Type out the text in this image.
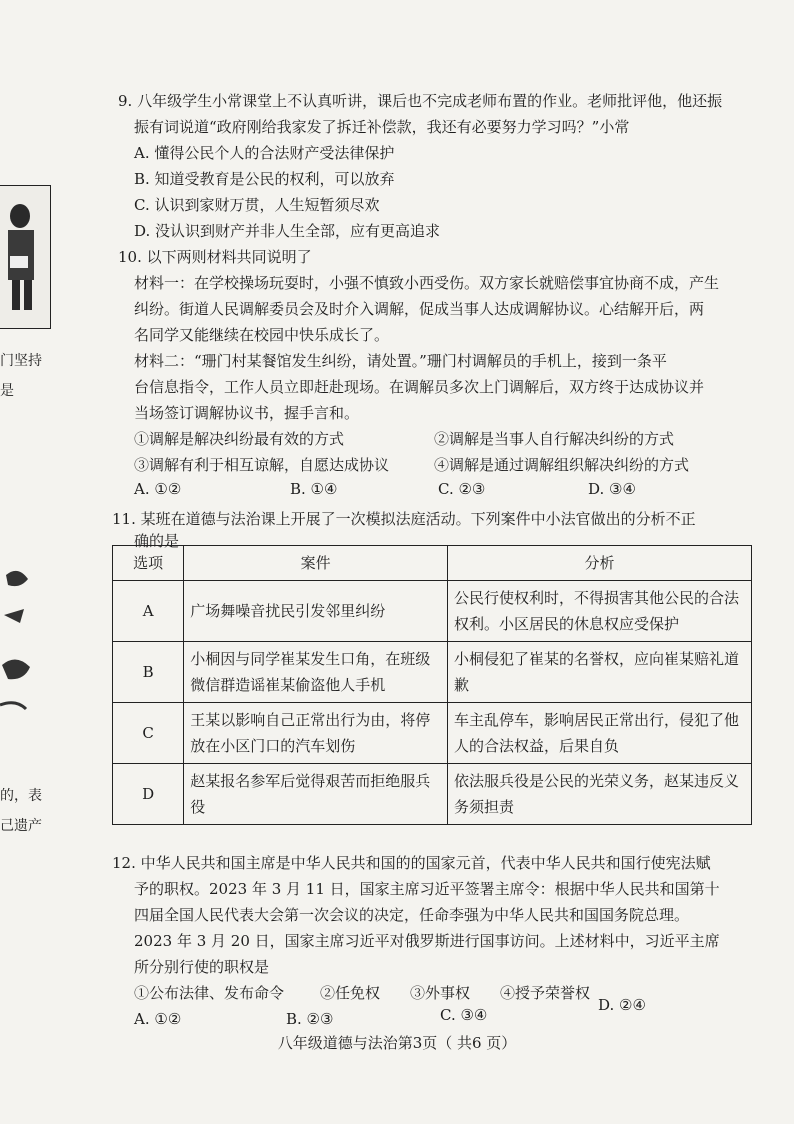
门坚持
是
的，表
己遗产
9. 八年级学生小常课堂上不认真听讲，课后也不完成老师布置的作业。老师批评他，他还振
振有词说道“政府刚给我家发了拆迁补偿款，我还有必要努力学习吗？”小常
A. 懂得公民个人的合法财产受法律保护
B. 知道受教育是公民的权利，可以放弃
C. 认识到家财万贯，人生短暂须尽欢
D. 没认识到财产并非人生全部，应有更高追求
10. 以下两则材料共同说明了
材料一：在学校操场玩耍时，小强不慎致小西受伤。双方家长就赔偿事宜协商不成，产生
纠纷。街道人民调解委员会及时介入调解，促成当事人达成调解协议。心结解开后，两
名同学又能继续在校园中快乐成长了。
材料二：“珊门村某餐馆发生纠纷，请处置。”珊门村调解员的手机上，接到一条平
台信息指令，工作人员立即赶赴现场。在调解员多次上门调解后，双方终于达成协议并
当场签订调解协议书，握手言和。
①调解是解决纠纷最有效的方式	②调解是当事人自行解决纠纷的方式
③调解有利于相互谅解，自愿达成协议	④调解是通过调解组织解决纠纷的方式
A. ①②	B. ①④	C. ②③	D. ③④
11. 某班在道德与法治课上开展了一次模拟法庭活动。下列案件中小法官做出的分析不正
确的是
选项	案件	分析
A	广场舞噪音扰民引发邻里纠纷	公民行使权利时，不得损害其他公民的合法权利。小区居民的休息权应受保护
B	小桐因与同学崔某发生口角，在班级微信群造谣崔某偷盗他人手机	小桐侵犯了崔某的名誉权，应向崔某赔礼道歉
C	王某以影响自己正常出行为由，将停放在小区门口的汽车划伤	车主乱停车，影响居民正常出行，侵犯了他人的合法权益，后果自负
D	赵某报名参军后觉得艰苦而拒绝服兵役	依法服兵役是公民的光荣义务，赵某违反义务须担责
12. 中华人民共和国主席是中华人民共和国的的国家元首，代表中华人民共和国行使宪法赋
予的职权。2023 年 3 月 11 日，国家主席习近平签署主席令：根据中华人民共和国第十
四届全国人民代表大会第一次会议的决定，任命李强为中华人民共和国国务院总理。
2023 年 3 月 20 日，国家主席习近平对俄罗斯进行国事访问。上述材料中，习近平主席
所分别行使的职权是
①公布法律、发布命令 ②任免权 ③外事权 ④授予荣誉权
A. ①②	B. ②③	C. ③④
D. ②④
八年级道德与法治第3页（ 共6 页）
